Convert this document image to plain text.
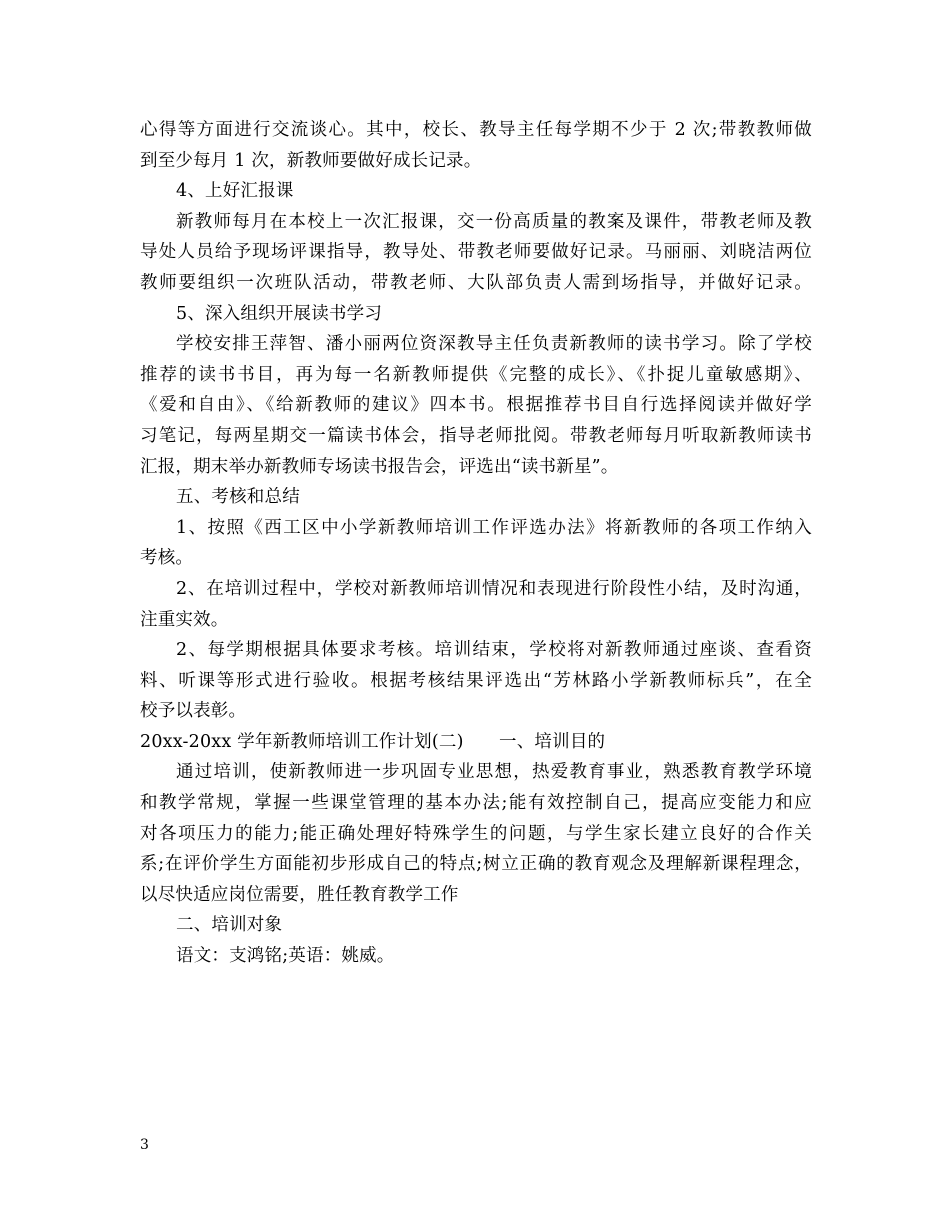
心得等方面进行交流谈心。其中，校长、教导主任每学期不少于 2 次;带教教师做
到至少每月 1 次，新教师要做好成长记录。
4、上好汇报课
新教师每月在本校上一次汇报课，交一份高质量的教案及课件，带教老师及教
导处人员给予现场评课指导，教导处、带教老师要做好记录。马丽丽、刘晓洁两位
教师要组织一次班队活动，带教老师、大队部负责人需到场指导，并做好记录。
5、深入组织开展读书学习
学校安排王萍智、潘小丽两位资深教导主任负责新教师的读书学习。除了学校
推荐的读书书目，再为每一名新教师提供《完整的成长》、《扑捉儿童敏感期》、
《爱和自由》、《给新教师的建议》四本书。根据推荐书目自行选择阅读并做好学
习笔记，每两星期交一篇读书体会，指导老师批阅。带教老师每月听取新教师读书
汇报，期末举办新教师专场读书报告会，评选出“读书新星”。
五、考核和总结
1、按照《西工区中小学新教师培训工作评选办法》将新教师的各项工作纳入
考核。
2、在培训过程中，学校对新教师培训情况和表现进行阶段性小结，及时沟通，
注重实效。
2、每学期根据具体要求考核。培训结束，学校将对新教师通过座谈、查看资
料、听课等形式进行验收。根据考核结果评选出“芳林路小学新教师标兵”，在全
校予以表彰。
20xx-20xx 学年新教师培训工作计划(二)　　一、培训目的
通过培训，使新教师进一步巩固专业思想，热爱教育事业，熟悉教育教学环境
和教学常规，掌握一些课堂管理的基本办法;能有效控制自己，提高应变能力和应
对各项压力的能力;能正确处理好特殊学生的问题，与学生家长建立良好的合作关
系;在评价学生方面能初步形成自己的特点;树立正确的教育观念及理解新课程理念，
以尽快适应岗位需要，胜任教育教学工作
二、培训对象
语文：支鸿铭;英语：姚威。
3
